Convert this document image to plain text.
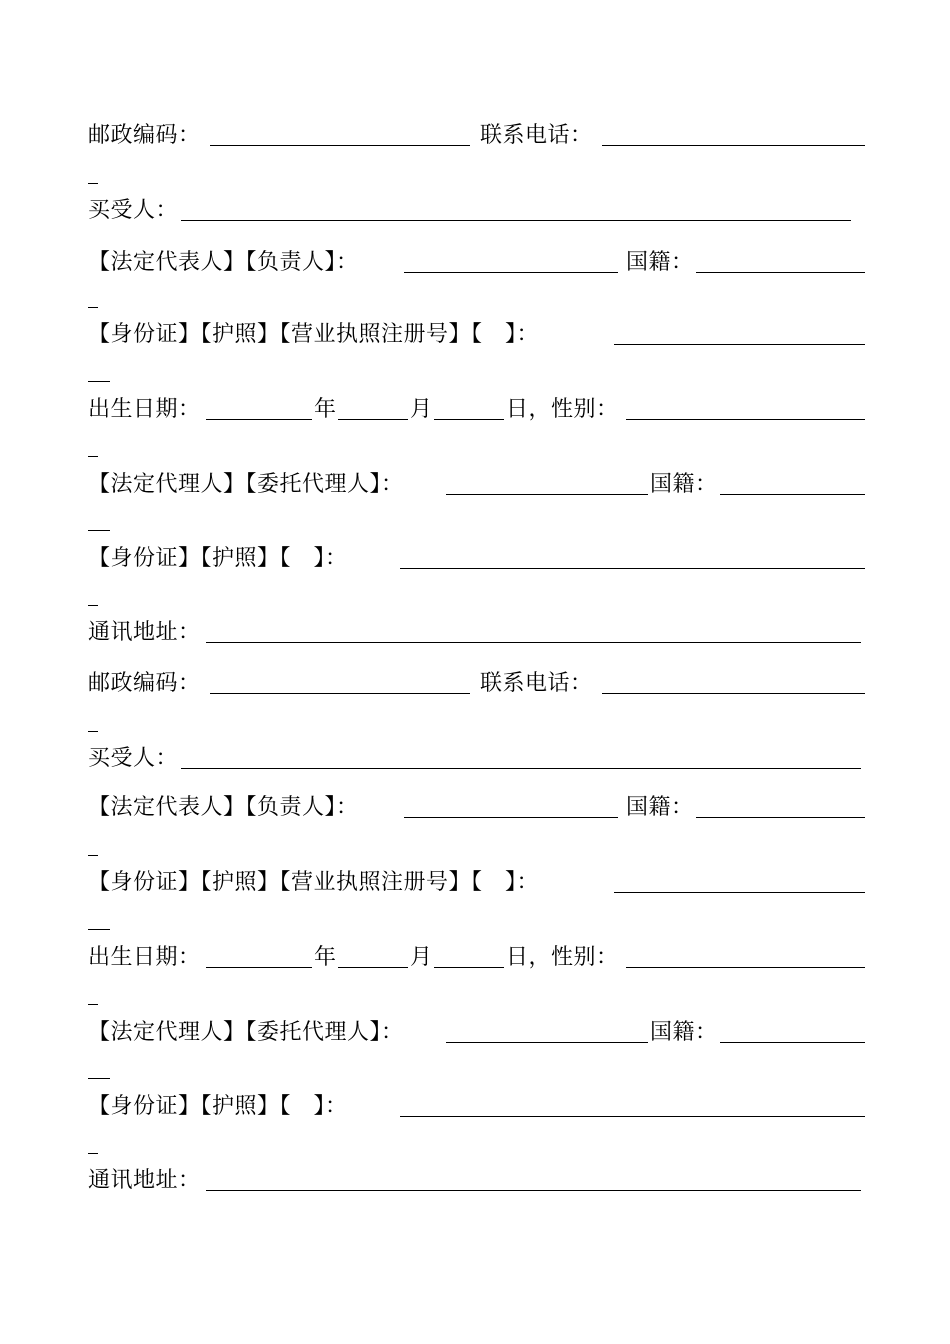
邮政编码：	联系电话：
买受人：
【法定代表人】【负责人】：	国籍：
【身份证】【护照】【营业执照注册号】【　】：
出生日期：	年	月	日，性别：
【法定代理人】【委托代理人】：	国籍：
【身份证】【护照】【　】：
通讯地址：
邮政编码：	联系电话：
买受人：
【法定代表人】【负责人】：	国籍：
【身份证】【护照】【营业执照注册号】【　】：
出生日期：	年	月	日，性别：
【法定代理人】【委托代理人】：	国籍：
【身份证】【护照】【　】：
通讯地址：
